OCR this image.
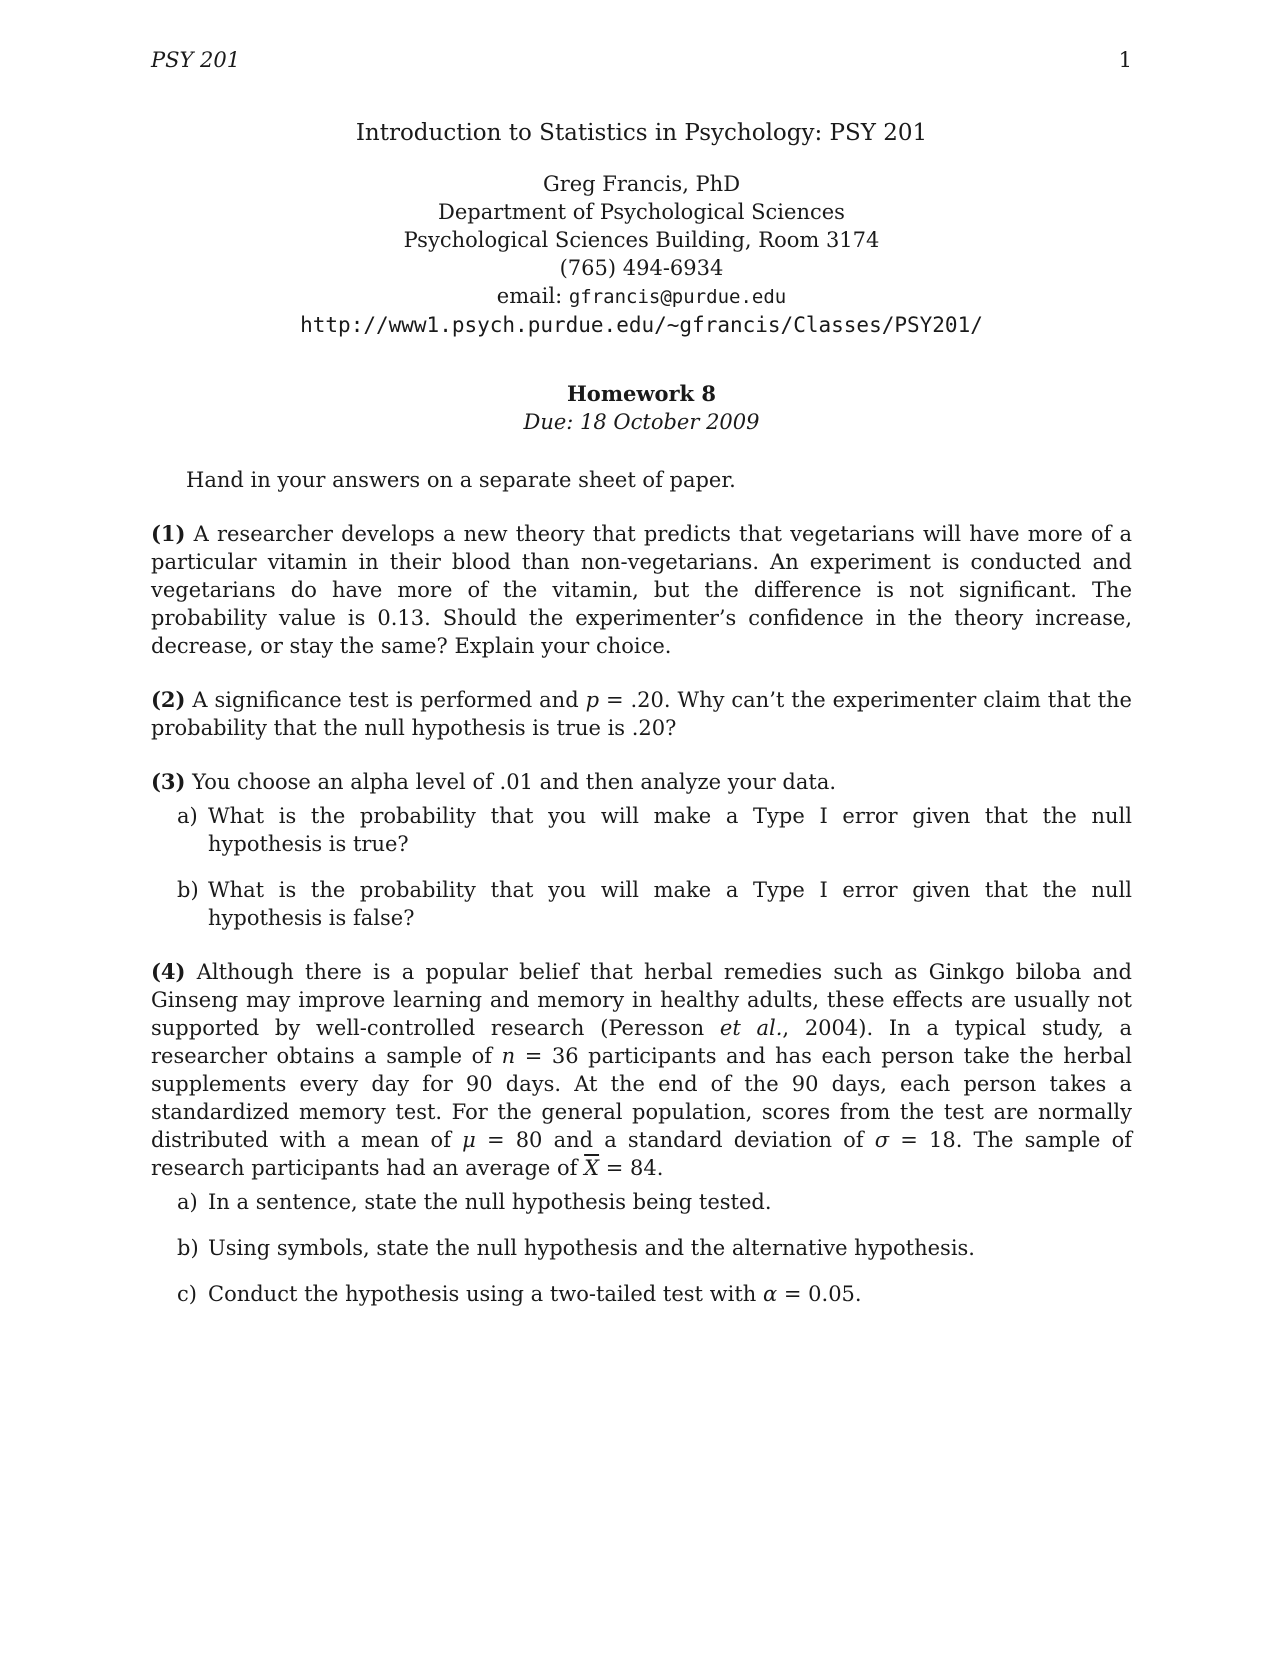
PSY 201	1
Introduction to Statistics in Psychology: PSY 201
Greg Francis, PhD
Department of Psychological Sciences
Psychological Sciences Building, Room 3174
(765) 494-6934
email: gfrancis@purdue.edu
http://www1.psych.purdue.edu/~gfrancis/Classes/PSY201/
Homework 8
Due: 18 October 2009

Hand in your answers on a separate sheet of paper.

(1) A researcher develops a new theory that predicts that vegetarians will have more of a particular vitamin in their blood than non-vegetarians. An experiment is conducted and vegetarians do have more of the vitamin, but the difference is not significant. The probability value is 0.13. Should the experimenter’s confidence in the theory increase, decrease, or stay the same? Explain your choice.

(2) A significance test is performed and p = .20. Why can’t the experimenter claim that the probability that the null hypothesis is true is .20?

(3) You choose an alpha level of .01 and then analyze your data.
a) What is the probability that you will make a Type I error given that the null hypothesis is true?
b) What is the probability that you will make a Type I error given that the null hypothesis is false?
(4) Although there is a popular belief that herbal remedies such as Ginkgo biloba and Ginseng may improve learning and memory in healthy adults, these effects are usually not supported by well-controlled research (Peresson et al., 2004). In a typical study, a researcher obtains a sample of n = 36 participants and has each person take the herbal supplements every day for 90 days. At the end of the 90 days, each person takes a standardized memory test. For the general population, scores from the test are normally distributed with a mean of μ = 80 and a standard deviation of σ = 18. The sample of research participants had an average of $\overline{X} = 84$.
a) In a sentence, state the null hypothesis being tested.
b) Using symbols, state the null hypothesis and the alternative hypothesis.
c) Conduct the hypothesis using a two-tailed test with α = 0.05.
